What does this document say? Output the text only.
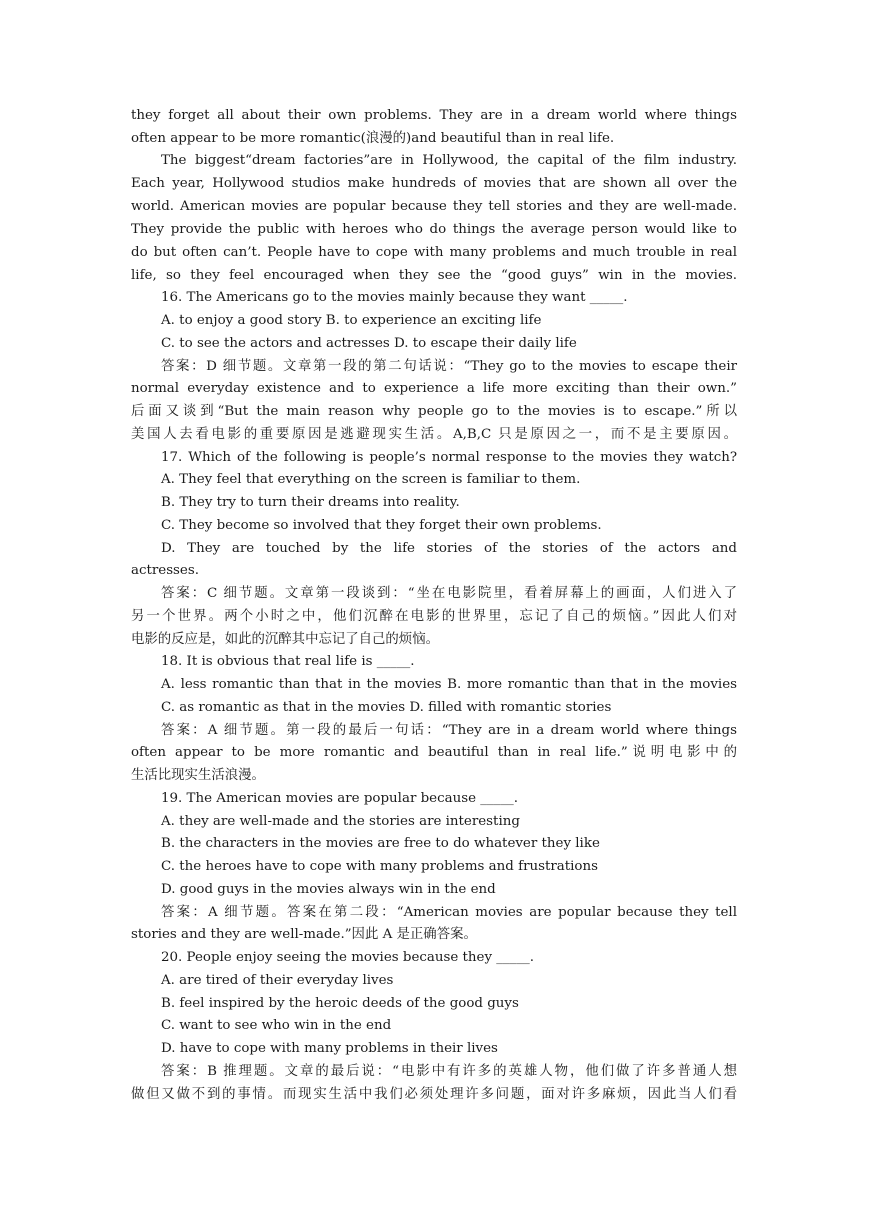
they forget all about their own problems. They are in a dream world where things
often appear to be more romantic(浪漫的)and beautiful than in real life.
The biggest“dream factories”are in Hollywood, the capital of the film industry.
Each year, Hollywood studios make hundreds of movies that are shown all over the
world. American movies are popular because they tell stories and they are well-made.
They provide the public with heroes who do things the average person would like to
do but often can’t. People have to cope with many problems and much trouble in real
life, so they feel encouraged when they see the “good guys” win in the movies.
16. The Americans go to the movies mainly because they want _____.
A. to enjoy a good story B. to experience an exciting life
C. to see the actors and actresses D. to escape their daily life
答案：D 细节题。文章第一段的第二句话说：“They go to the movies to escape their
normal everyday existence and to experience a life more exciting than their own.”
后面又谈到“But the main reason why people go to the movies is to escape.”所以
美国人去看电影的重要原因是逃避现实生活。A,B,C 只是原因之一，而不是主要原因。
17. Which of the following is people’s normal response to the movies they watch?
A. They feel that everything on the screen is familiar to them.
B. They try to turn their dreams into reality.
C. They become so involved that they forget their own problems.
D. They are touched by the life stories of the stories of the actors and
actresses.
答案：C 细节题。文章第一段谈到：“坐在电影院里，看着屏幕上的画面，人们进入了
另一个世界。两个小时之中，他们沉醉在电影的世界里，忘记了自己的烦恼。”因此人们对
电影的反应是，如此的沉醉其中忘记了自己的烦恼。
18. It is obvious that real life is _____.
A. less romantic than that in the movies B. more romantic than that in the movies
C. as romantic as that in the movies D. filled with romantic stories
答案：A 细节题。第一段的最后一句话：“They are in a dream world where things
often appear to be more romantic and beautiful than in real life.”说明电影中的
生活比现实生活浪漫。
19. The American movies are popular because _____.
A. they are well-made and the stories are interesting
B. the characters in the movies are free to do whatever they like
C. the heroes have to cope with many problems and frustrations
D. good guys in the movies always win in the end
答案：A 细节题。答案在第二段：“American movies are popular because they tell
stories and they are well-made.”因此 A 是正确答案。
20. People enjoy seeing the movies because they _____.
A. are tired of their everyday lives
B. feel inspired by the heroic deeds of the good guys
C. want to see who win in the end
D. have to cope with many problems in their lives
答案：B 推理题。文章的最后说：“电影中有许多的英雄人物，他们做了许多普通人想
做但又做不到的事情。而现实生活中我们必须处理许多问题，面对许多麻烦，因此当人们看
